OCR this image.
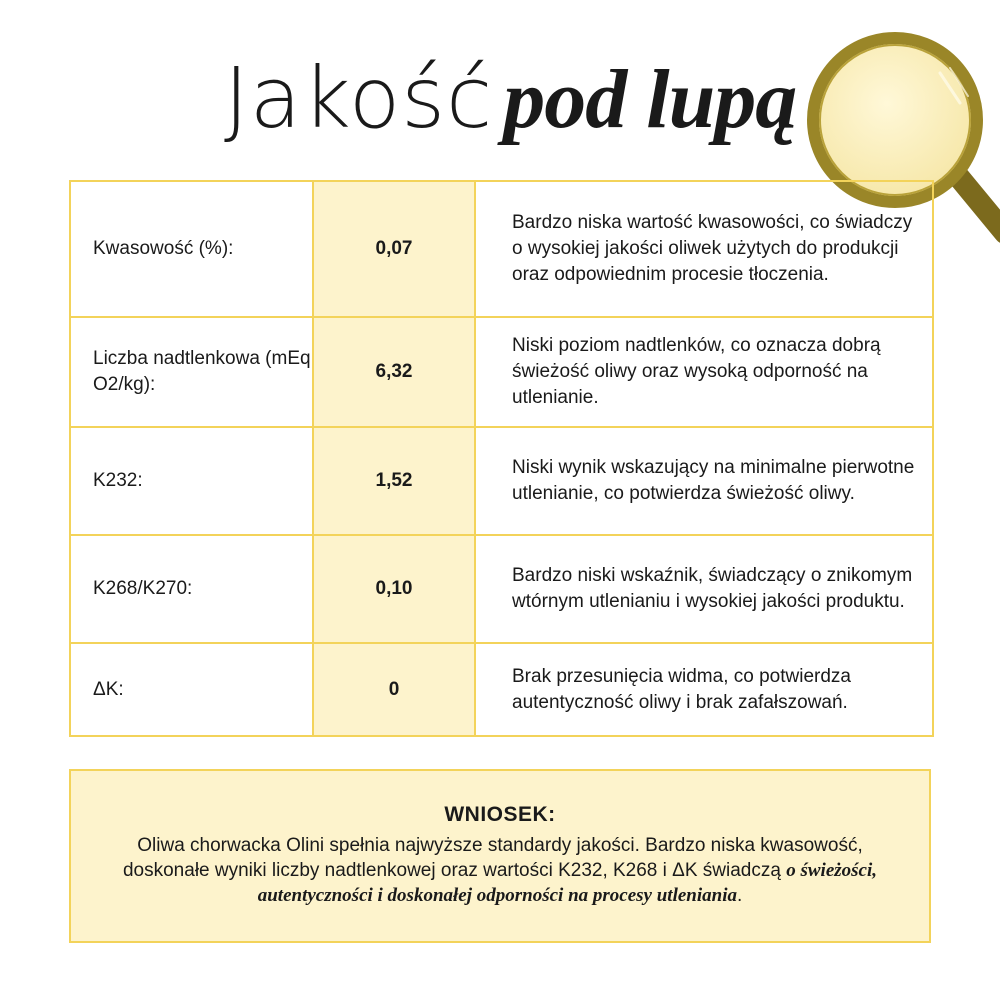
Jakość pod lupą
Kwasowość (%):	0,07	Bardzo niska wartość kwasowości, co świadczy o wysokiej jakości oliwek użytych do produkcji oraz odpowiednim procesie tłoczenia.
Liczba nadtlenkowa (mEq O2/kg):	6,32	Niski poziom nadtlenków, co oznacza dobrą świeżość oliwy oraz wysoką odporność na utlenianie.
K232:	1,52	Niski wynik wskazujący na minimalne pierwotne utlenianie, co potwierdza świeżość oliwy.
K268/K270:	0,10	Bardzo niski wskaźnik, świadczący o znikomym wtórnym utlenianiu i wysokiej jakości produktu.
ΔK:	0	Brak przesunięcia widma, co potwierdza autentyczność oliwy i brak zafałszowań.
WNIOSEK:
Oliwa chorwacka Olini spełnia najwyższe standardy jakości. Bardzo niska kwasowość, doskonałe wyniki liczby nadtlenkowej oraz wartości K232, K268 i ΔK świadczą o świeżości, autentyczności i doskonałej odporności na procesy utleniania.
